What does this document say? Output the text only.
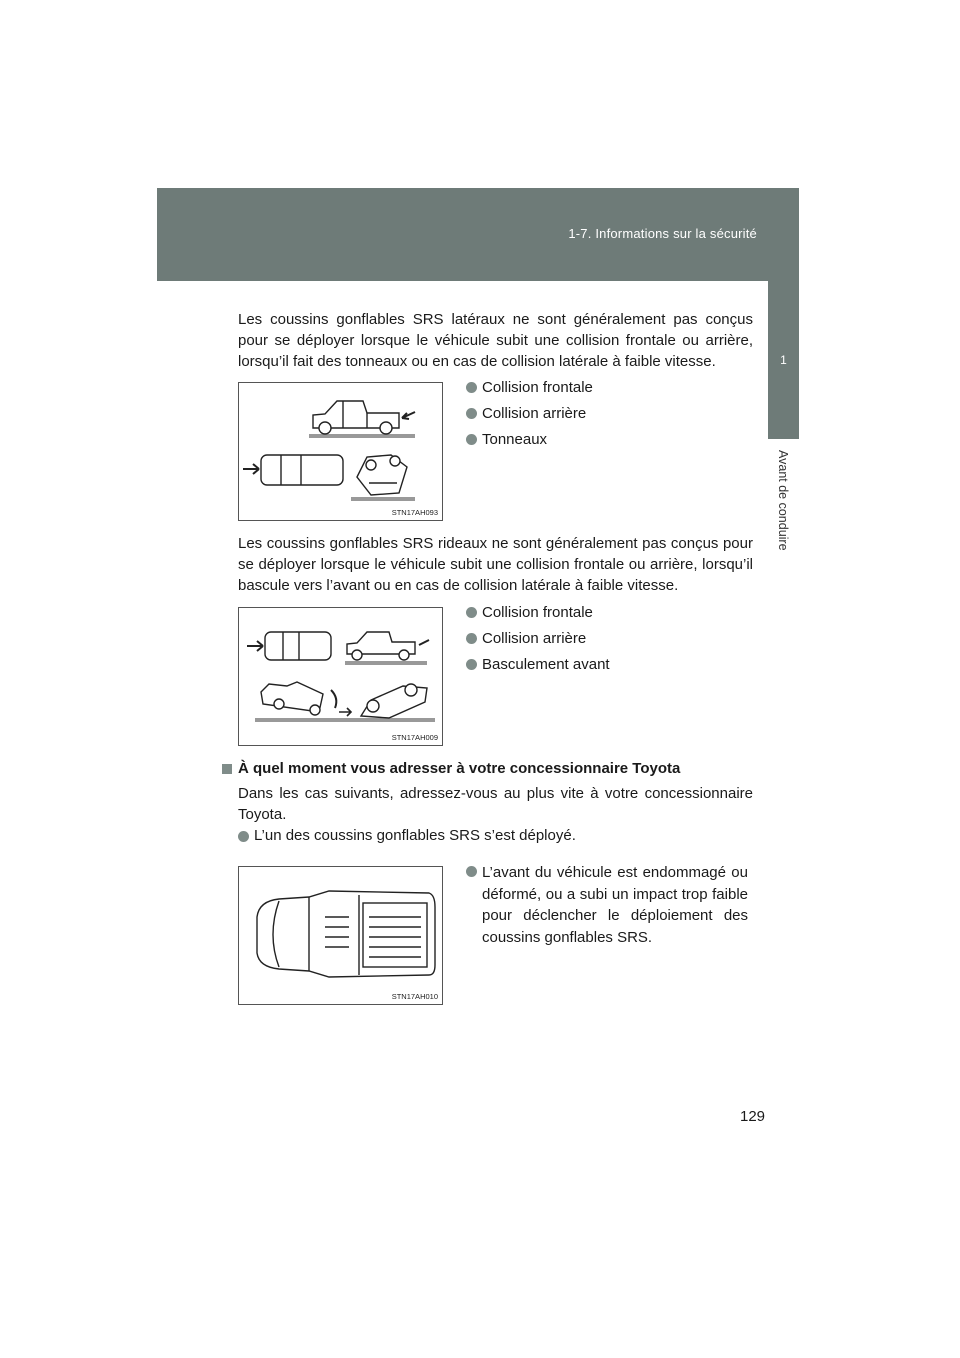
1-7. Informations sur la sécurité
1
Avant de conduire

Les coussins gonflables SRS latéraux ne sont généralement pas conçus pour se déployer lorsque le véhicule subit une collision frontale ou arrière, lorsqu’il fait des tonneaux ou en cas de collision latérale à faible vitesse.

STN17AH093
Collision frontale
Collision arrière
Tonneaux

Les coussins gonflables SRS rideaux ne sont généralement pas conçus pour se déployer lorsque le véhicule subit une collision frontale ou arrière, lorsqu’il bascule vers l’avant ou en cas de collision latérale à faible vitesse.

STN17AH009
Collision frontale
Collision arrière
Basculement avant
À quel moment vous adresser à votre concessionnaire Toyota

Dans les cas suivants, adressez-vous au plus vite à votre concessionnaire Toyota.

L’un des coussins gonflables SRS s’est déployé.
STN17AH010
L’avant du véhicule est endommagé ou déformé, ou a subi un impact trop faible pour déclencher le déploiement des coussins gonflables SRS.
129
